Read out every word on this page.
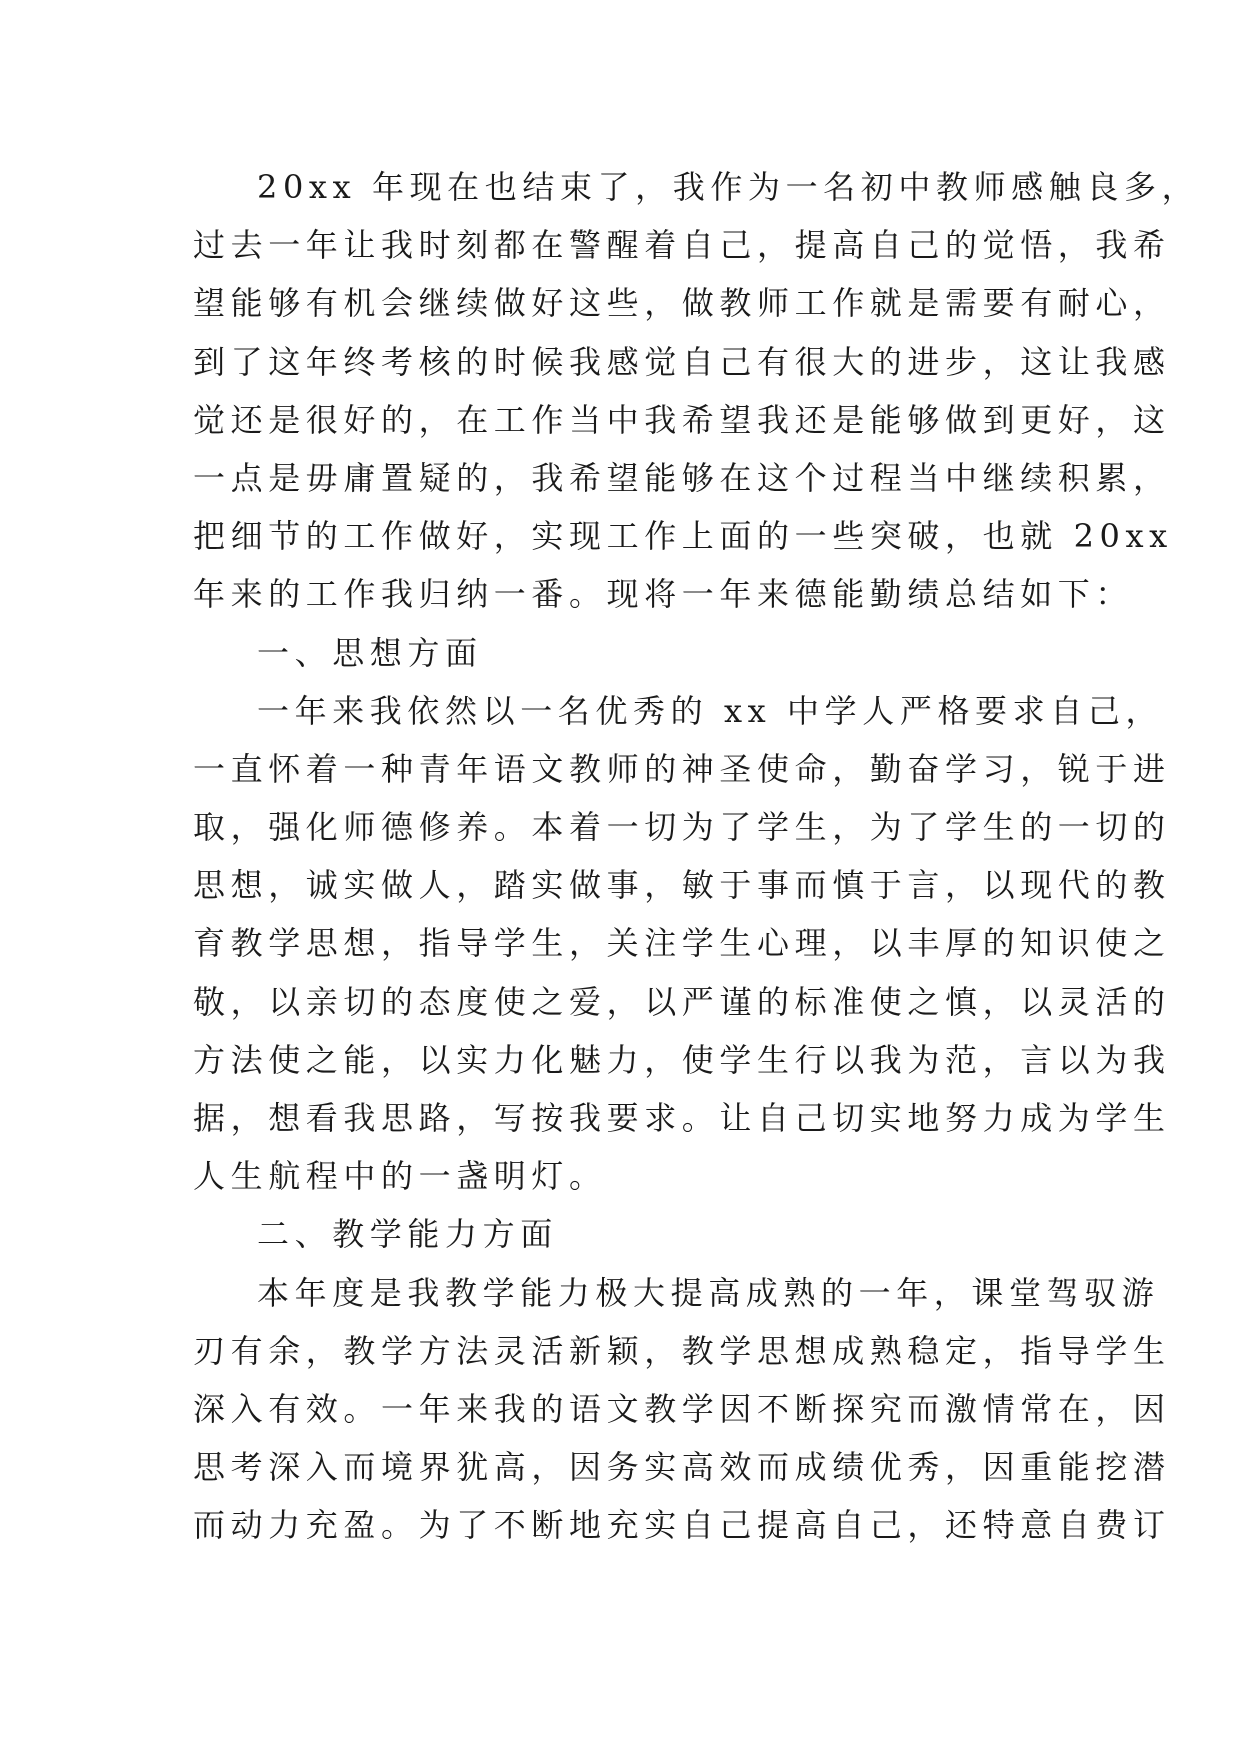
20xx 年现在也结束了，我作为一名初中教师感触良多，
过去一年让我时刻都在警醒着自己，提高自己的觉悟，我希
望能够有机会继续做好这些，做教师工作就是需要有耐心，
到了这年终考核的时候我感觉自己有很大的进步，这让我感
觉还是很好的，在工作当中我希望我还是能够做到更好，这
一点是毋庸置疑的，我希望能够在这个过程当中继续积累，
把细节的工作做好，实现工作上面的一些突破，也就 20xx
年来的工作我归纳一番。现将一年来德能勤绩总结如下：
一、思想方面
一年来我依然以一名优秀的 xx 中学人严格要求自己，
一直怀着一种青年语文教师的神圣使命，勤奋学习，锐于进
取，强化师德修养。本着一切为了学生，为了学生的一切的
思想，诚实做人，踏实做事，敏于事而慎于言，以现代的教
育教学思想，指导学生，关注学生心理，以丰厚的知识使之
敬，以亲切的态度使之爱，以严谨的标准使之慎，以灵活的
方法使之能，以实力化魅力，使学生行以我为范，言以为我
据，想看我思路，写按我要求。让自己切实地努力成为学生
人生航程中的一盏明灯。
二、教学能力方面
本年度是我教学能力极大提高成熟的一年，课堂驾驭游
刃有余，教学方法灵活新颖，教学思想成熟稳定，指导学生
深入有效。一年来我的语文教学因不断探究而激情常在，因
思考深入而境界犹高，因务实高效而成绩优秀，因重能挖潜
而动力充盈。为了不断地充实自己提高自己，还特意自费订
